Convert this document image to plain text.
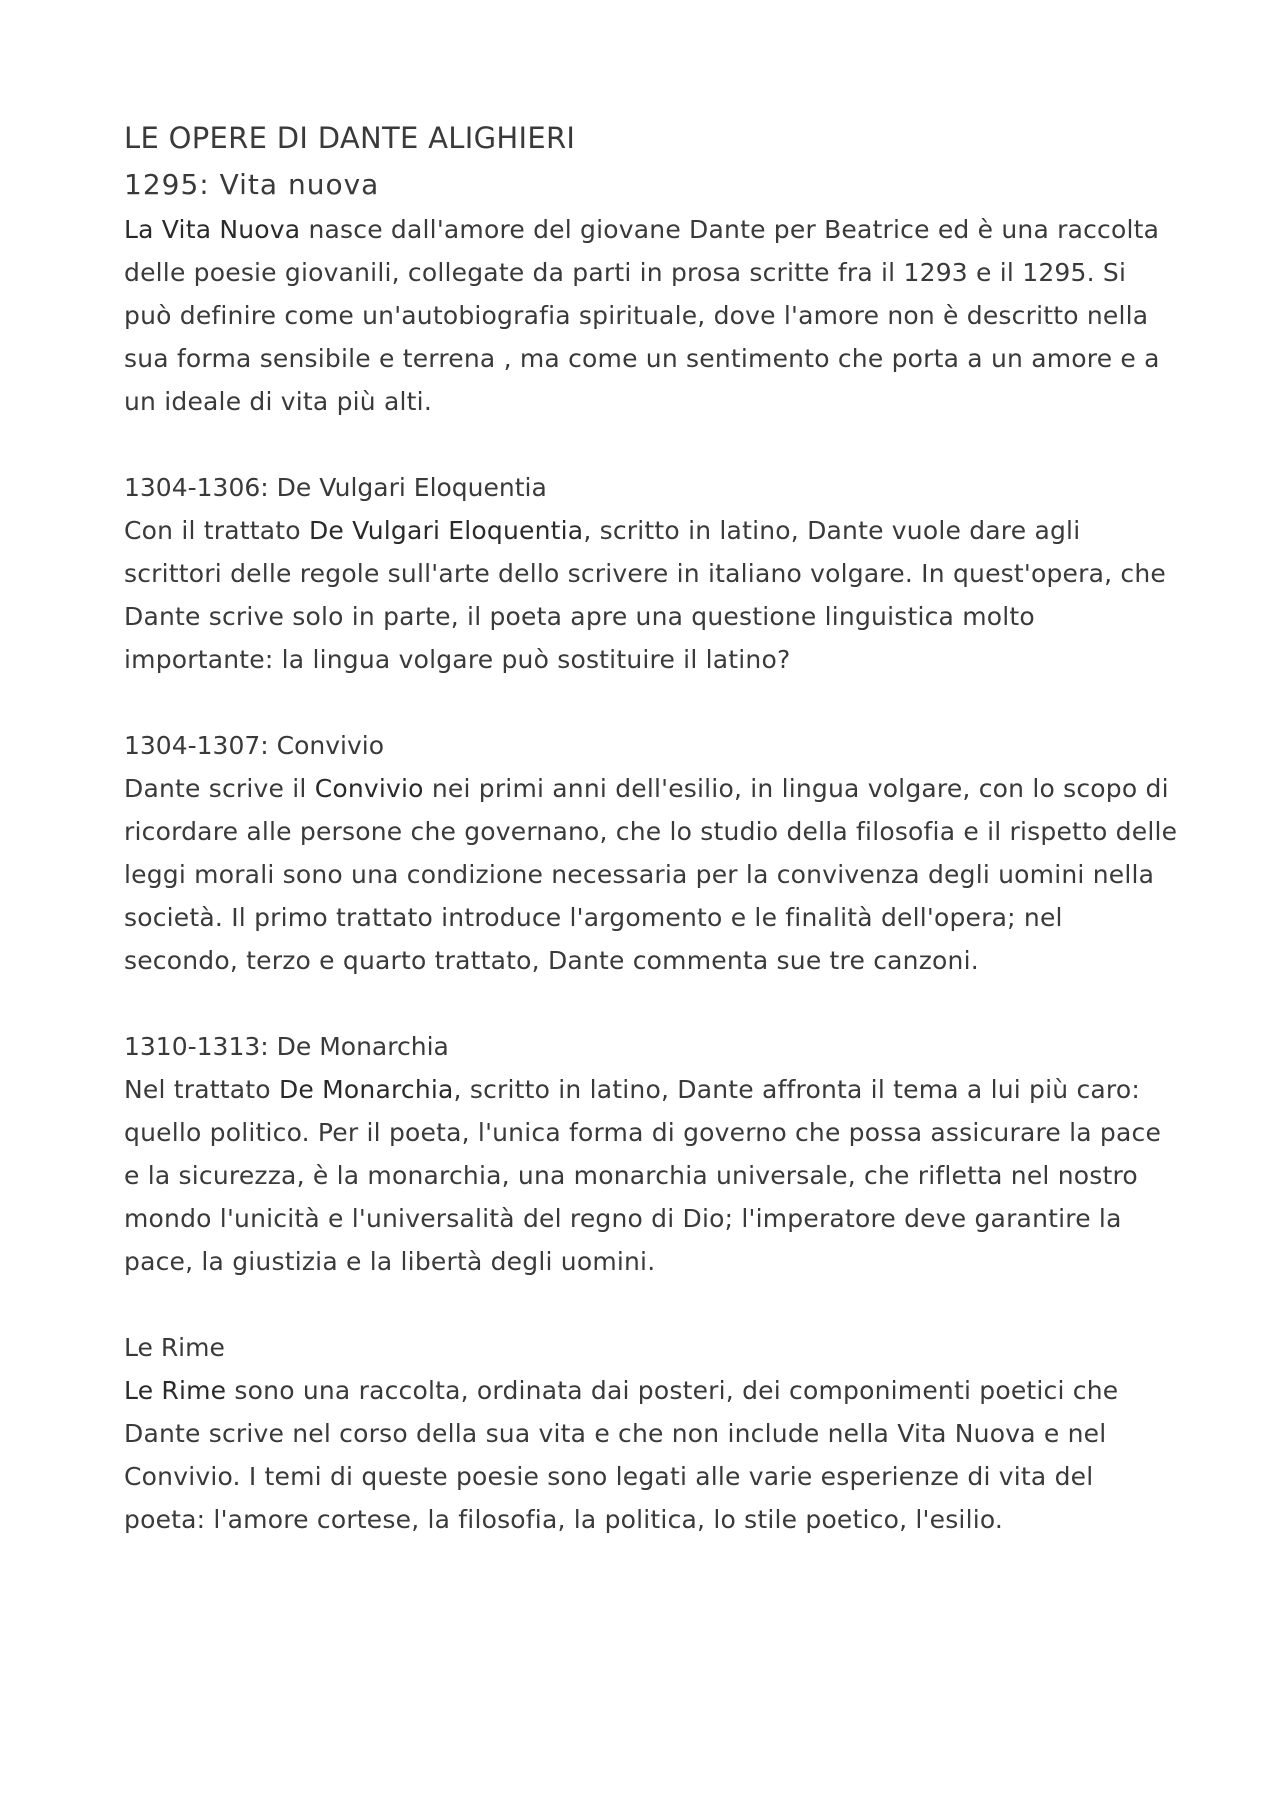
LE OPERE DI DANTE ALIGHIERI
1295: Vita nuova

La Vita Nuova nasce dall'amore del giovane Dante per Beatrice ed è una raccolta delle poesie giovanili, collegate da parti in prosa scritte fra il 1293 e il 1295. Si può definire come un'autobiografia spirituale, dove l'amore non è descritto nella sua forma sensibile e terrena , ma come un sentimento che porta a un amore e a un ideale di vita più alti.

1304-1306: De Vulgari Eloquentia

Con il trattato De Vulgari Eloquentia, scritto in latino, Dante vuole dare agli scrittori delle regole sull'arte dello scrivere in italiano volgare. In quest'opera, che Dante scrive solo in parte, il poeta apre una questione linguistica molto importante: la lingua volgare può sostituire il latino?

1304-1307: Convivio

Dante scrive il Convivio nei primi anni dell'esilio, in lingua volgare, con lo scopo di ricordare alle persone che governano, che lo studio della filosofia e il rispetto delle leggi morali sono una condizione necessaria per la convivenza degli uomini nella società. Il primo trattato introduce l'argomento e le finalità dell'opera; nel secondo, terzo e quarto trattato, Dante commenta sue tre canzoni.

1310-1313: De Monarchia

Nel trattato De Monarchia, scritto in latino, Dante affronta il tema a lui più caro: quello politico. Per il poeta, l'unica forma di governo che possa assicurare la pace e la sicurezza, è la monarchia, una monarchia universale, che rifletta nel nostro mondo l'unicità e l'universalità del regno di Dio; l'imperatore deve garantire la pace, la giustizia e la libertà degli uomini.

Le Rime

Le Rime sono una raccolta, ordinata dai posteri, dei componimenti poetici che Dante scrive nel corso della sua vita e che non include nella Vita Nuova e nel Convivio. I temi di queste poesie sono legati alle varie esperienze di vita del poeta: l'amore cortese, la filosofia, la politica, lo stile poetico, l'esilio.
